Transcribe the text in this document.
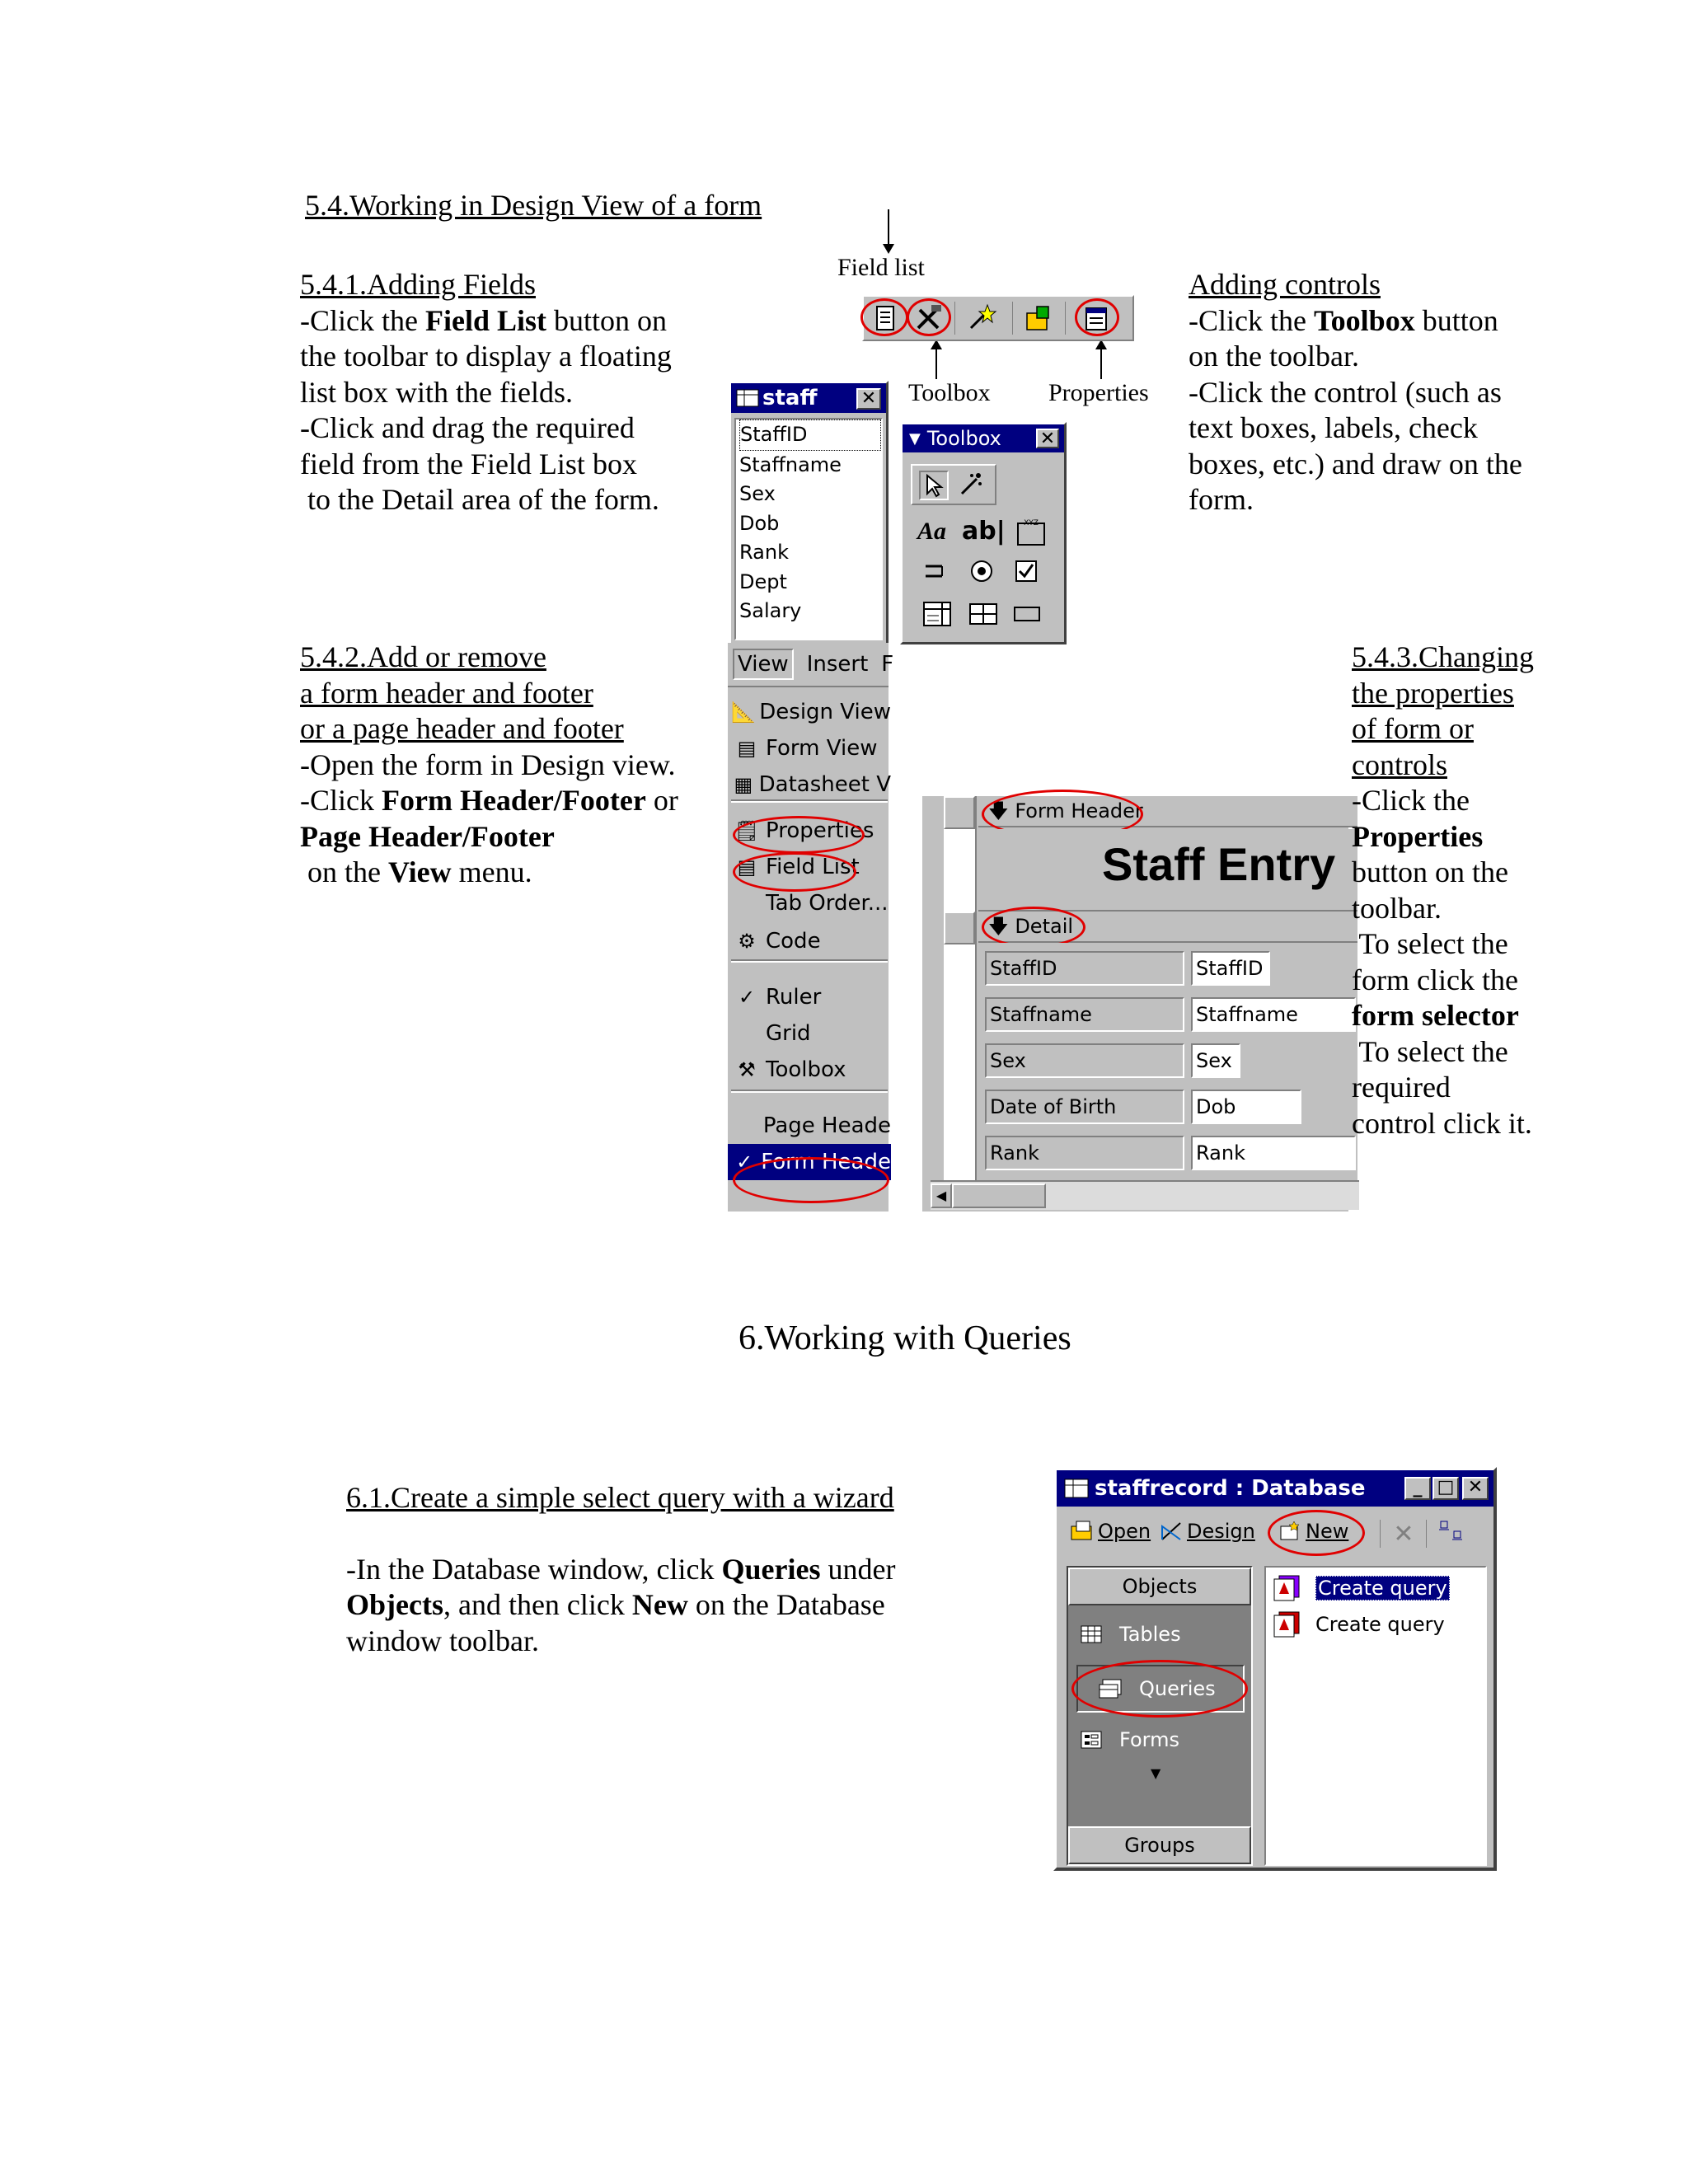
5.4.Working in Design View of a form
5.4.1.Adding Fields
-Click the Field List button on
the toolbar to display a floating
list box with the fields.
-Click and drag the required
field from the Field List box
to the Detail area of the form.
Adding controls
-Click the Toolbox button
on the toolbar.
-Click the control (such as
text boxes, labels, check
boxes, etc.) and draw on the
form.
Field list
Toolbox Properties
staff ✕
StaffID
Staffname
Sex
Dob
Rank
Dept
Salary
▼ Toolbox ✕
Aa ab| XYZ
5.4.2.Add or remove
a form header and footer
or a page header and footer
-Open the form in Design view.
-Click Form Header/Footer or
Page Header/Footer
on the View menu.
View Insert F
📐 Design View
▤ Form View
▦ Datasheet V
🗒 Properties
▤ Field List
Tab Order...
⚙ Code
✓ Ruler
Grid
⚒ Toolbox
Page Heade
✓ Form Heade
🡇 Form Header
Staff Entry
🡇 Detail
StaffID	StaffID
Staffname	Staffname
Sex	Sex
Date of Birth	Dob
Rank	Rank
◀
5.4.3.Changing
the properties
of form or
controls
-Click the
Properties
button on the
toolbar.
To select the
form click the
form selector
To select the
required
control click it.
6.Working with Queries
6.1.Create a simple select query with a wizard
-In the Database window, click Queries under
Objects, and then click New on the Database
window toolbar.
staffrecord : Database	_ □ ✕
Open Design	New ✕
Objects
Tables
Queries
Forms
▼
Groups
Create query
Create query
